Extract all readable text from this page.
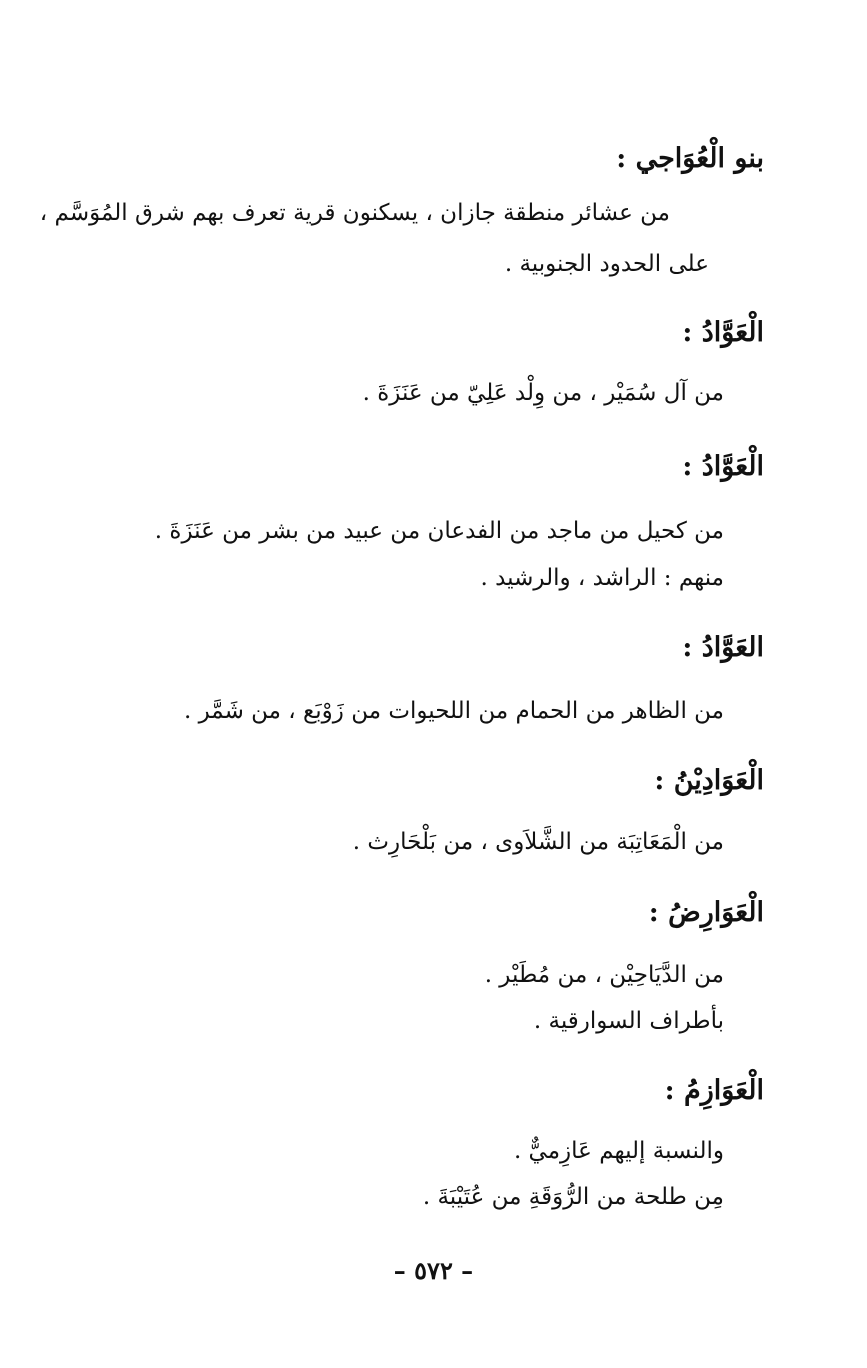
بنو الْعُوَاجي :
من عشائر منطقة جازان ، يسكنون قرية تعرف بهم شرق المُوَسَّم ،
على الحدود الجنوبية .
الْعَوَّادُ :
من آل سُمَيْر ، من وِلْد عَلِيّ من عَنَزَةَ .
الْعَوَّادُ :
من كحيل من ماجد من الفدعان من عبيد من بشر من عَنَزَةَ .
منهم : الراشد ، والرشيد .
العَوَّادُ :
من الظاهر من الحمام من اللحيوات من زَوْبَع ، من شَمَّر .
الْعَوَادِيْنُ :
من الْمَعَاتِبَة من الشَّلاَوى ، من بَلْحَارِث .
الْعَوَارِضُ :
من الدَّيَاحِيْن ، من مُطَيْر .
بأطراف السوارقية .
الْعَوَازِمُ :
والنسبة إليهم عَازِميٌّ .
مِن طلحة من الرُّوَقَةِ من عُتَيْبَةَ .
– ٥٧٢ –
